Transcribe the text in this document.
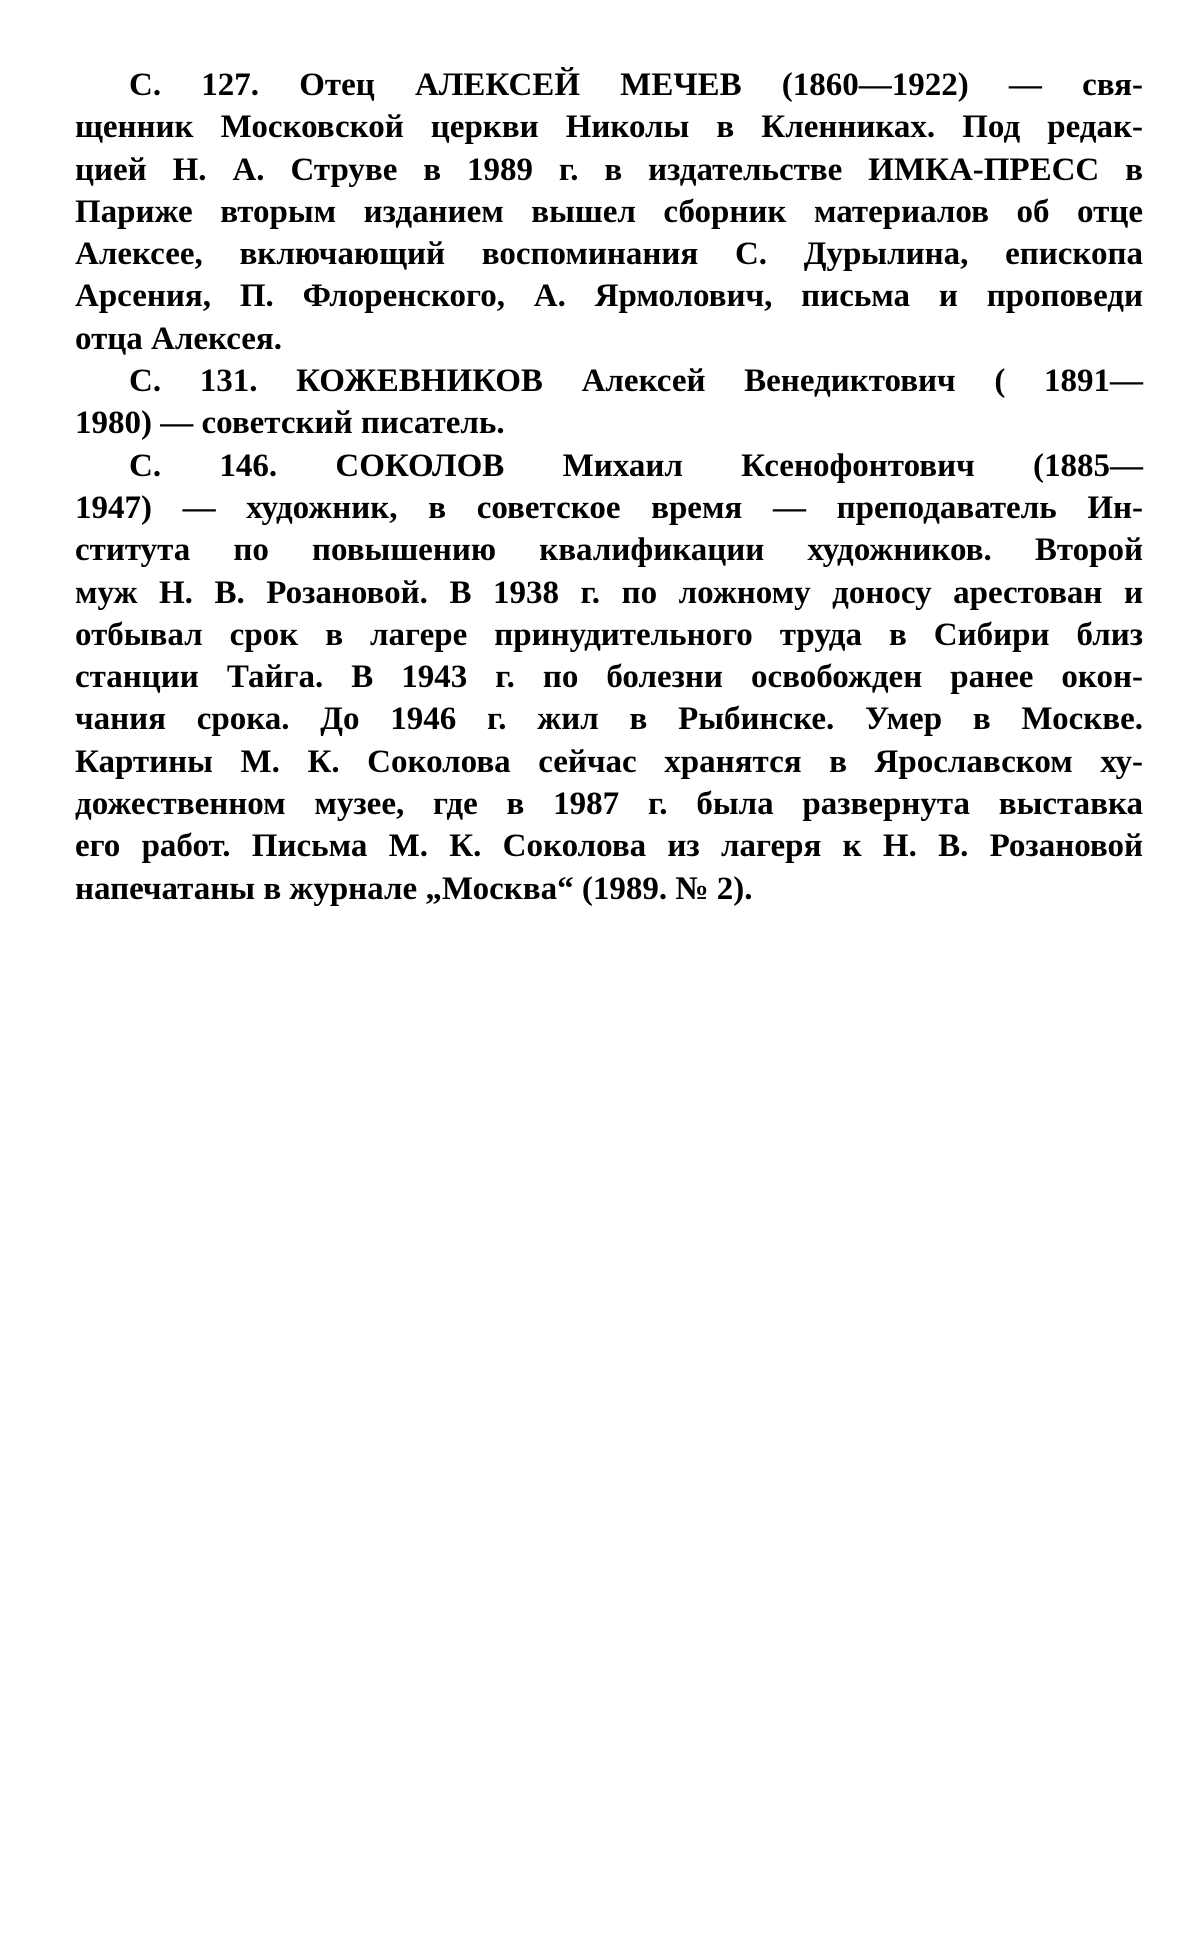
С. 127. Отец АЛЕКСЕЙ МЕЧЕВ (1860—1922) — свя-
щенник Московской церкви Николы в Кленниках. Под редак-
цией Н. А. Струве в 1989 г. в издательстве ИМКА-ПРЕСС в
Париже вторым изданием вышел сборник материалов об отце
Алексее, включающий воспоминания С. Дурылина, епископа
Арсения, П. Флоренского, А. Ярмолович, письма и проповеди
отца Алексея.
С. 131. КОЖЕВНИКОВ Алексей Венедиктович ( 1891—
1980) — советский писатель.
С. 146. СОКОЛОВ Михаил Ксенофонтович (1885—
1947) — художник, в советское время — преподаватель Ин-
ститута по повышению квалификации художников. Второй
муж Н. В. Розановой. В 1938 г. по ложному доносу арестован и
отбывал срок в лагере принудительного труда в Сибири близ
станции Тайга. В 1943 г. по болезни освобожден ранее окон-
чания срока. До 1946 г. жил в Рыбинске. Умер в Москве.
Картины М. К. Соколова сейчас хранятся в Ярославском ху-
дожественном музее, где в 1987 г. была развернута выставка
его работ. Письма М. К. Соколова из лагеря к Н. В. Розановой
напечатаны в журнале „Москва“ (1989. № 2).
